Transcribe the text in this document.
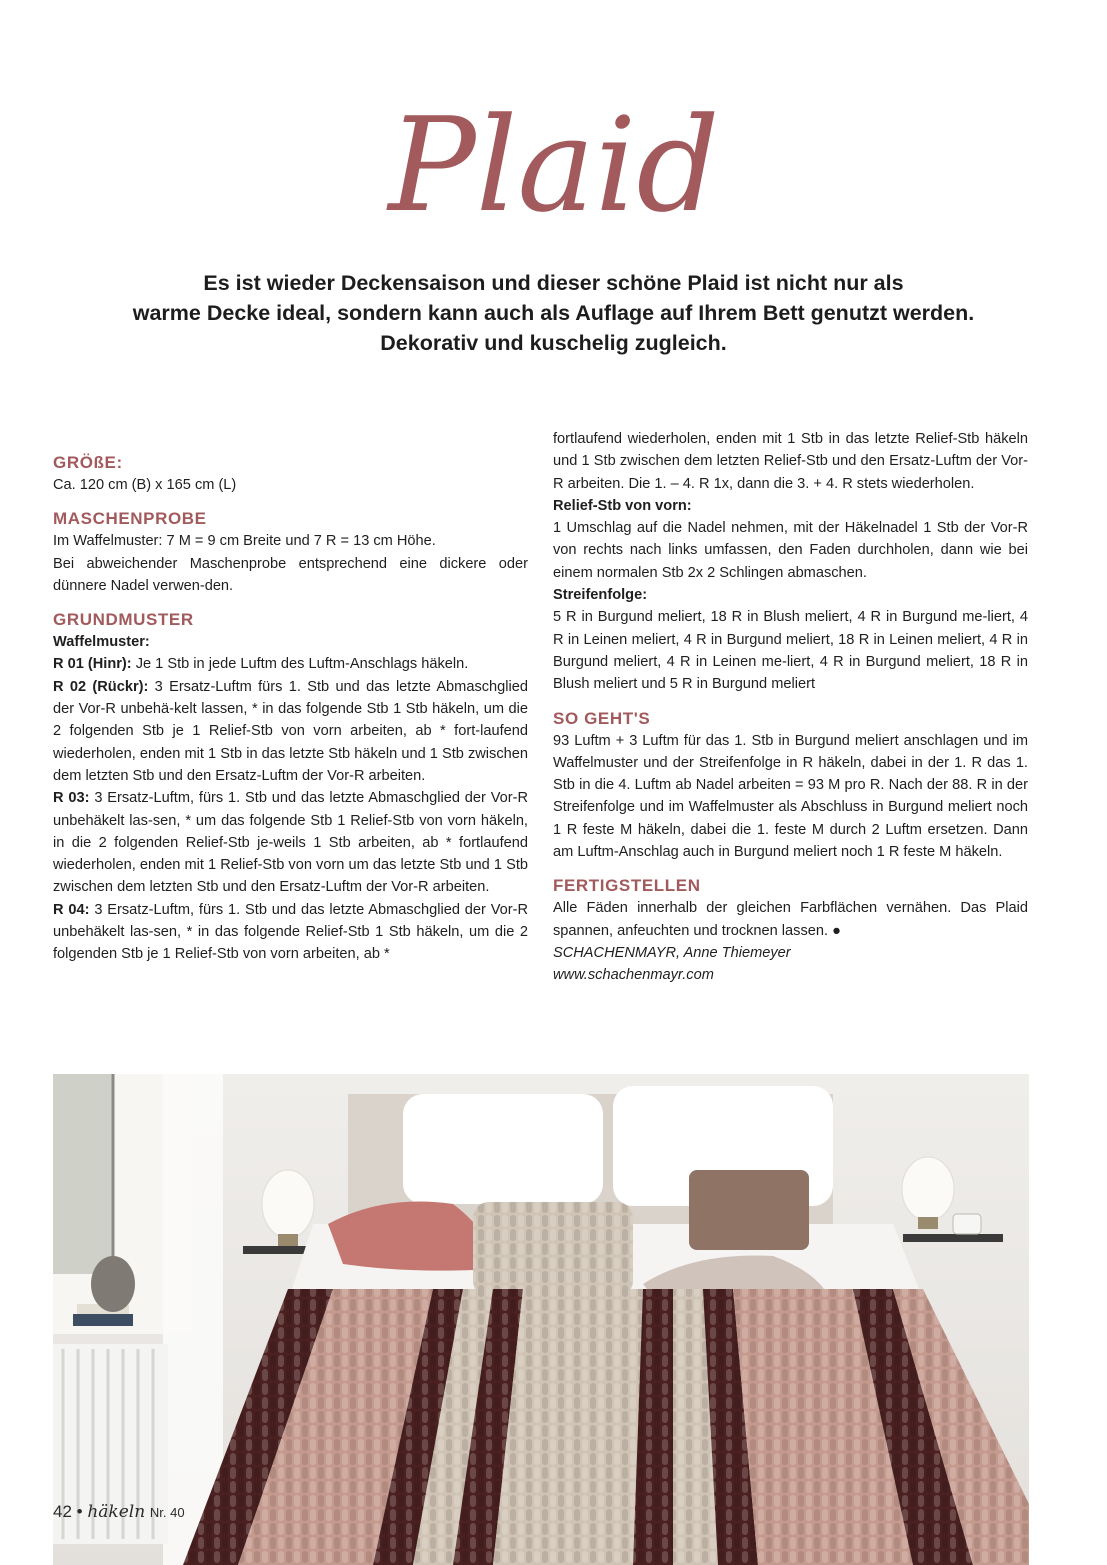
Plaid
Es ist wieder Deckensaison und dieser schöne Plaid ist nicht nur als
warme Decke ideal, sondern kann auch als Auflage auf Ihrem Bett genutzt werden.
Dekorativ und kuschelig zugleich.
GRÖßE:

Ca. 120 cm (B) x 165 cm (L)

MASCHENPROBE

Im Waffelmuster: 7 M = 9 cm Breite und 7 R = 13 cm Höhe.

Bei abweichender Maschenprobe entsprechend eine dickere oder dünnere Nadel verwen-den.

GRUNDMUSTER

Waffelmuster:

R 01 (Hinr): Je 1 Stb in jede Luftm des Luftm-Anschlags häkeln.

R 02 (Rückr): 3 Ersatz-Luftm fürs 1. Stb und das letzte Abmaschglied der Vor-R unbehä-kelt lassen, * in das folgende Stb 1 Stb häkeln, um die 2 folgenden Stb je 1 Relief-Stb von vorn arbeiten, ab * fort-laufend wiederholen, enden mit 1 Stb in das letzte Stb häkeln und 1 Stb zwischen dem letzten Stb und den Ersatz-Luftm der Vor-R arbeiten.

R 03: 3 Ersatz-Luftm, fürs 1. Stb und das letzte Abmaschglied der Vor-R unbehäkelt las-sen, * um das folgende Stb 1 Relief-Stb von vorn häkeln, in die 2 folgenden Relief-Stb je-weils 1 Stb arbeiten, ab * fortlaufend wiederholen, enden mit 1 Relief-Stb von vorn um das letzte Stb und 1 Stb zwischen dem letzten Stb und den Ersatz-Luftm der Vor-R arbeiten.

R 04: 3 Ersatz-Luftm, fürs 1. Stb und das letzte Abmaschglied der Vor-R unbehäkelt las-sen, * in das folgende Relief-Stb 1 Stb häkeln, um die 2 folgenden Stb je 1 Relief-Stb von vorn arbeiten, ab *

fortlaufend wiederholen, enden mit 1 Stb in das letzte Relief-Stb häkeln und 1 Stb zwischen dem letzten Relief-Stb und den Ersatz-Luftm der Vor-R arbeiten. Die 1. – 4. R 1x, dann die 3. + 4. R stets wiederholen.

Relief-Stb von vorn:

1 Umschlag auf die Nadel nehmen, mit der Häkelnadel 1 Stb der Vor-R von rechts nach links umfassen, den Faden durchholen, dann wie bei einem normalen Stb 2x 2 Schlingen abmaschen.

Streifenfolge:

5 R in Burgund meliert, 18 R in Blush meliert, 4 R in Burgund me-liert, 4 R in Leinen meliert, 4 R in Burgund meliert, 18 R in Leinen meliert, 4 R in Burgund meliert, 4 R in Leinen me-liert, 4 R in Burgund meliert, 18 R in Blush meliert und 5 R in Burgund meliert

SO GEHT'S

93 Luftm + 3 Luftm für das 1. Stb in Burgund meliert anschlagen und im Waffelmuster und der Streifenfolge in R häkeln, dabei in der 1. R das 1. Stb in die 4. Luftm ab Nadel arbeiten = 93 M pro R. Nach der 88. R in der Streifenfolge und im Waffelmuster als Abschluss in Burgund meliert noch 1 R feste M häkeln, dabei die 1. feste M durch 2 Luftm ersetzen. Dann am Luftm-Anschlag auch in Burgund meliert noch 1 R feste M häkeln.

FERTIGSTELLEN

Alle Fäden innerhalb der gleichen Farbflächen vernähen. Das Plaid spannen, anfeuchten und trocknen lassen. ●

SCHACHENMAYR, Anne Thiemeyer

www.schachenmayr.com

42 • häkeln Nr. 40
